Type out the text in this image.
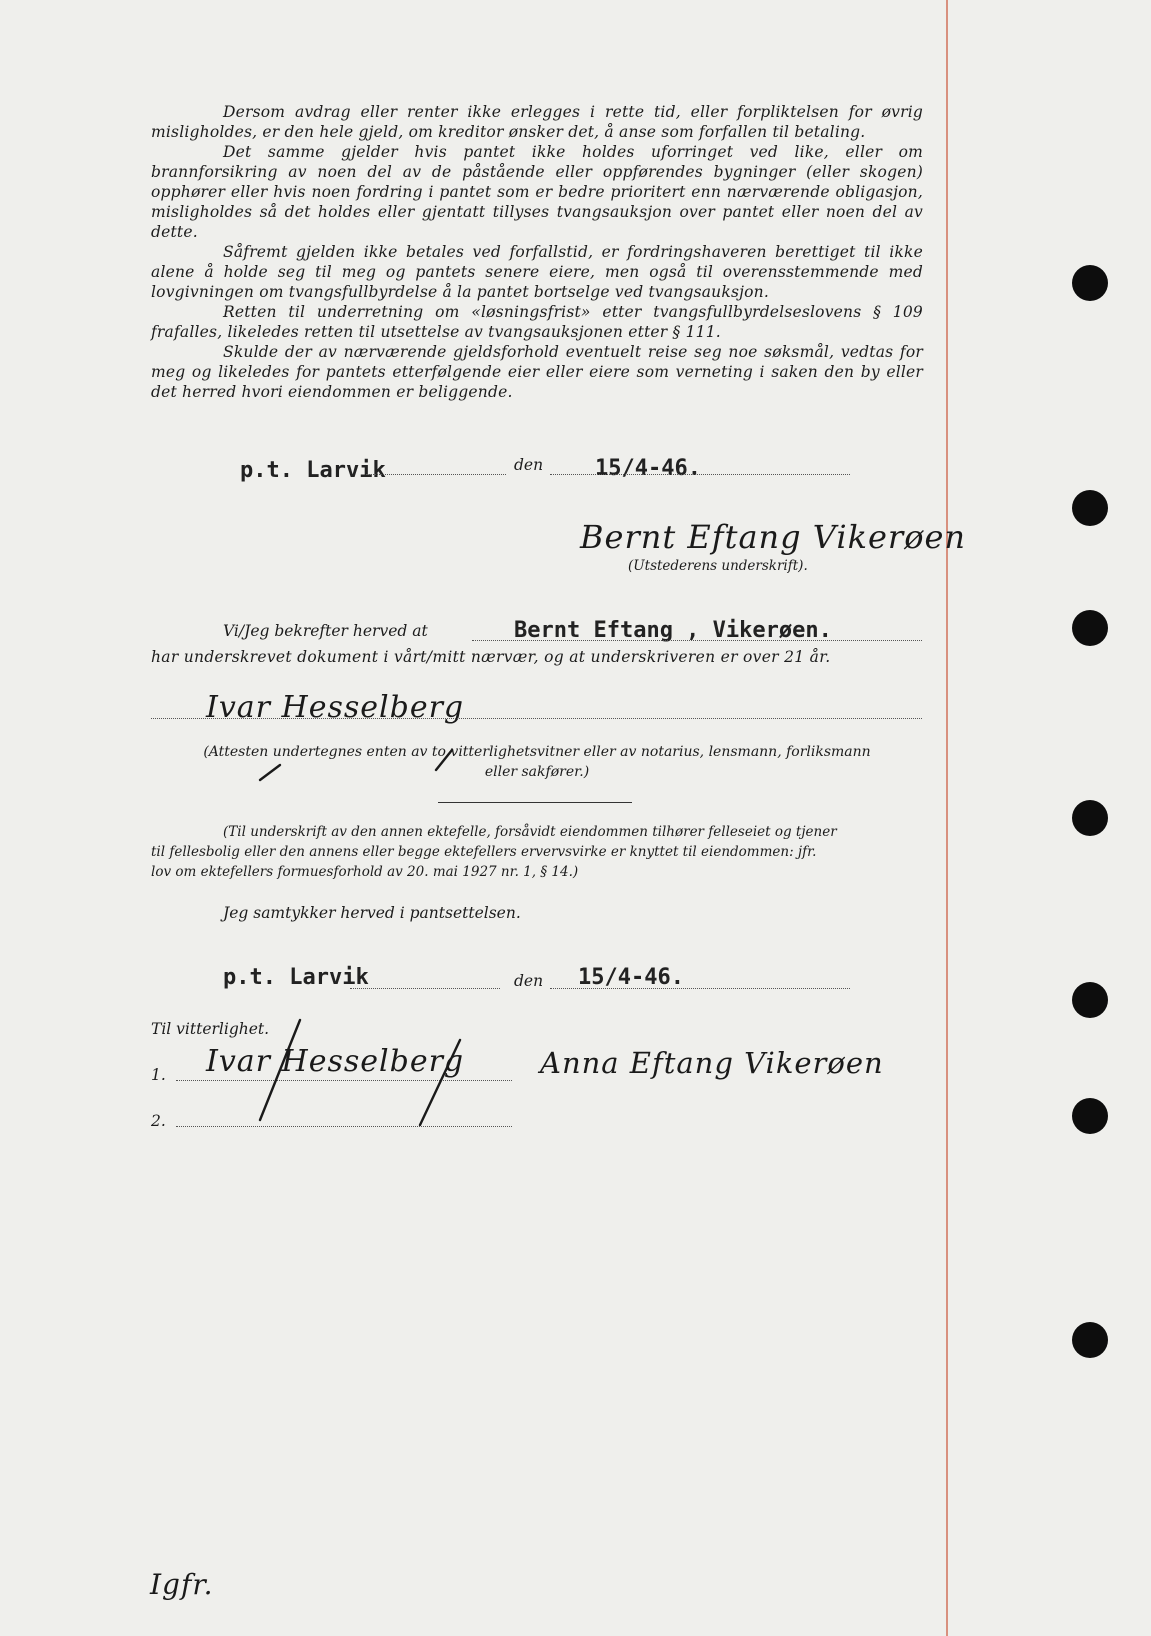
Dersom avdrag eller renter ikke erlegges i rette tid, eller forpliktelsen for øvrig misligholdes, er den hele gjeld, om kreditor ønsker det, å anse som forfallen til betaling.

Det samme gjelder hvis pantet ikke holdes uforringet ved like, eller om brannforsikring av noen del av de påstående eller oppførendes bygninger (eller skogen) opphører eller hvis noen fordring i pantet som er bedre prioritert enn nærværende obligasjon, misligholdes så det holdes eller gjentatt tillyses tvangsauksjon over pantet eller noen del av dette.

Såfremt gjelden ikke betales ved forfallstid, er fordringshaveren berettiget til ikke alene å holde seg til meg og pantets senere eiere, men også til overensstemmende med lovgivningen om tvangsfullbyrdelse å la pantet bortselge ved tvangsauksjon.

Retten til underretning om «løsningsfrist» etter tvangsfullbyrdelseslovens § 109 frafalles, likeledes retten til utsettelse av tvangsauksjonen etter § 111.

Skulde der av nærværende gjeldsforhold eventuelt reise seg noe søksmål, vedtas for meg og likeledes for pantets etterfølgende eier eller eiere som verneting i saken den by eller det herred hvori eiendommen er beliggende.

p.t. Larvik	den 15/4-46.
Bernt Eftang Vikerøen
(Utstederens underskrift).
Vi/Jeg bekrefter herved at	Bernt Eftang , Vikerøen.
har underskrevet dokument i vårt/mitt nærvær, og at underskriveren er over 21 år.
Ivar Hesselberg
(Attesten undertegnes enten av to vitterlighetsvitner eller av notarius, lensmann, forliksmann
eller sakfører.)
(Til underskrift av den annen ektefelle, forsåvidt eiendommen tilhører felleseiet og tjener
til fellesbolig eller den annens eller begge ektefellers ervervsvirke er knyttet til eiendommen: jfr.
lov om ektefellers formuesforhold av 20. mai 1927 nr. 1, § 14.)
Jeg samtykker herved i pantsettelsen.
p.t. Larvik	den 15/4-46.
Til vitterlighet.
1. Ivar Hesselberg	Anna Eftang Vikerøen
2.
Igfr.
